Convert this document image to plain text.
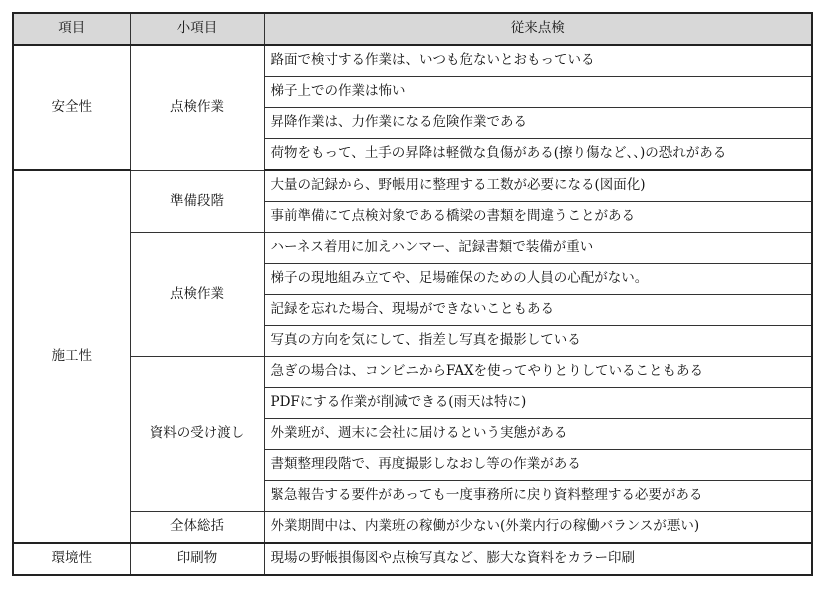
項目	小項目	従来点検
安全性	点検作業	路面で検寸する作業は、いつも危ないとおもっている
		梯子上での作業は怖い
		昇降作業は、力作業になる危険作業である
		荷物をもって、土手の昇降は軽微な負傷がある(擦り傷など、、)の恐れがある
施工性	準備段階	大量の記録から、野帳用に整理する工数が必要になる(図面化)
		事前準備にて点検対象である橋梁の書類を間違うことがある
	点検作業	ハーネス着用に加えハンマー、記録書類で装備が重い
		梯子の現地組み立てや、足場確保のための人員の心配がない。
		記録を忘れた場合、現場ができないこともある
		写真の方向を気にして、指差し写真を撮影している
	資料の受け渡し	急ぎの場合は、コンビニからFAXを使ってやりとりしていることもある
		PDFにする作業が削減できる(雨天は特に)
		外業班が、週末に会社に届けるという実態がある
		書類整理段階で、再度撮影しなおし等の作業がある
		緊急報告する要件があっても一度事務所に戻り資料整理する必要がある
	全体総括	外業期間中は、内業班の稼働が少ない(外業内行の稼働バランスが悪い)
環境性	印刷物	現場の野帳損傷図や点検写真など、膨大な資料をカラー印刷
